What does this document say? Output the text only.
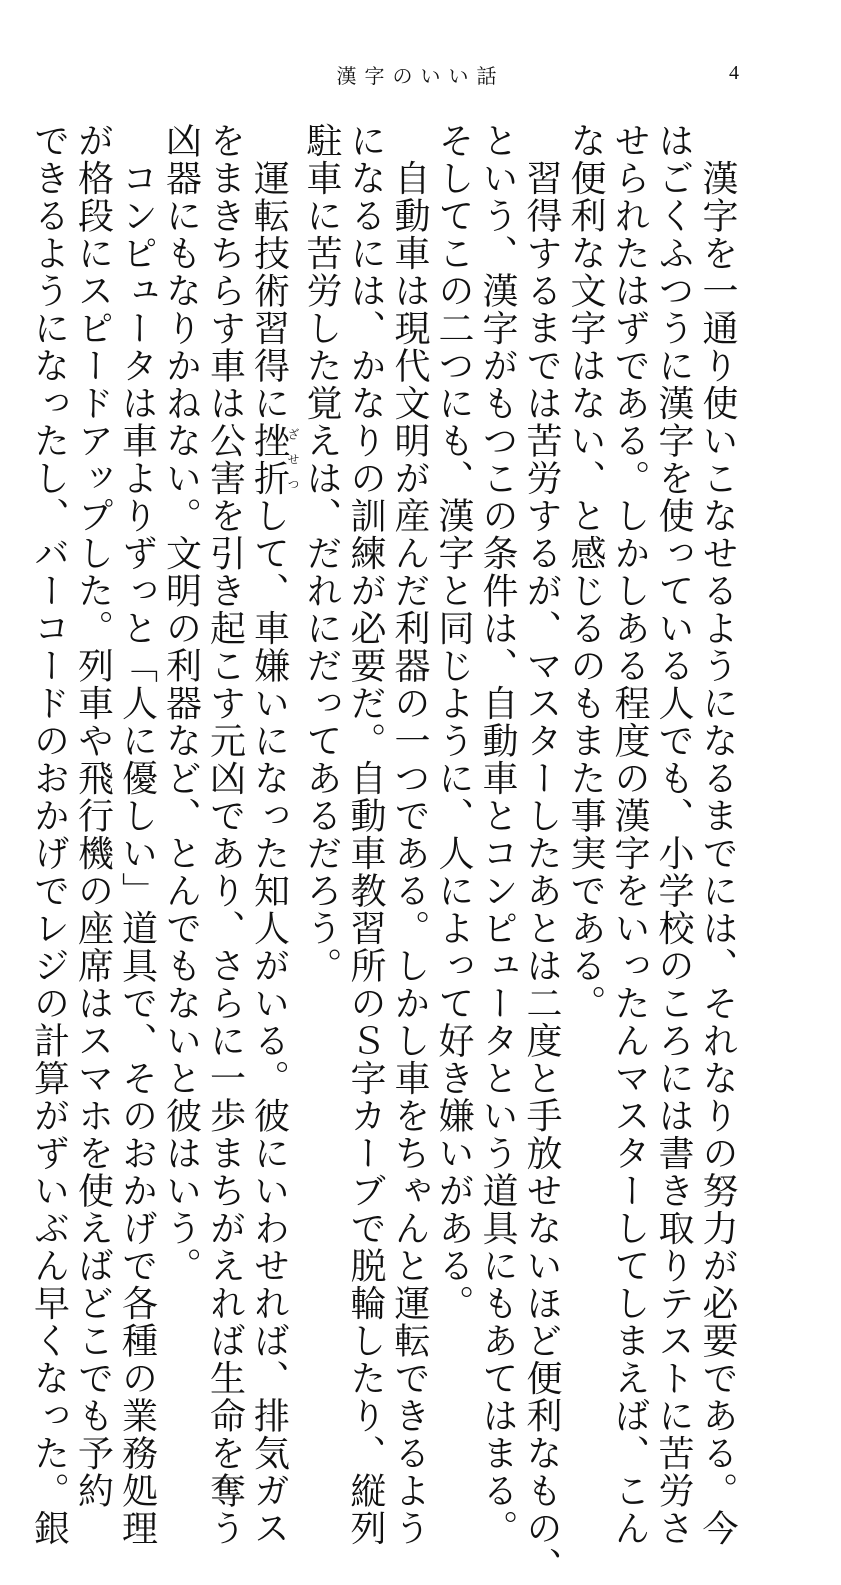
漢字のいい話	4
　漢字を一通り使いこなせるようになるまでには、それなりの努力が必要である。今
はごくふつうに漢字を使っている人でも、小学校のころには書き取りテストに苦労さ
せられたはずである。しかしある程度の漢字をいったんマスターしてしまえば、こん
な便利な文字はない、と感じるのもまた事実である。
　習得するまでは苦労するが、マスターしたあとは二度と手放せないほど便利なもの、
という、漢字がもつこの条件は、自動車とコンピュータという道具にもあてはまる。
そしてこの二つにも、漢字と同じように、人によって好き嫌いがある。
　自動車は現代文明が産んだ利器の一つである。しかし車をちゃんと運転できるよう
になるには、かなりの訓練が必要だ。自動車教習所のＳ字カーブで脱輪したり、縦列
駐車に苦労した覚えは、だれにだってあるだろう。
　運転技術習得に挫折ざせつして、車嫌いになった知人がいる。彼にいわせれば、排気ガス
をまきちらす車は公害を引き起こす元凶であり、さらに一歩まちがえれば生命を奪う
凶器にもなりかねない。文明の利器など、とんでもないと彼はいう。
　コンピュータは車よりずっと「人に優しい」道具で、そのおかげで各種の業務処理
が格段にスピードアップした。列車や飛行機の座席はスマホを使えばどこでも予約
できるようになったし、バーコードのおかげでレジの計算がずいぶん早くなった。銀
